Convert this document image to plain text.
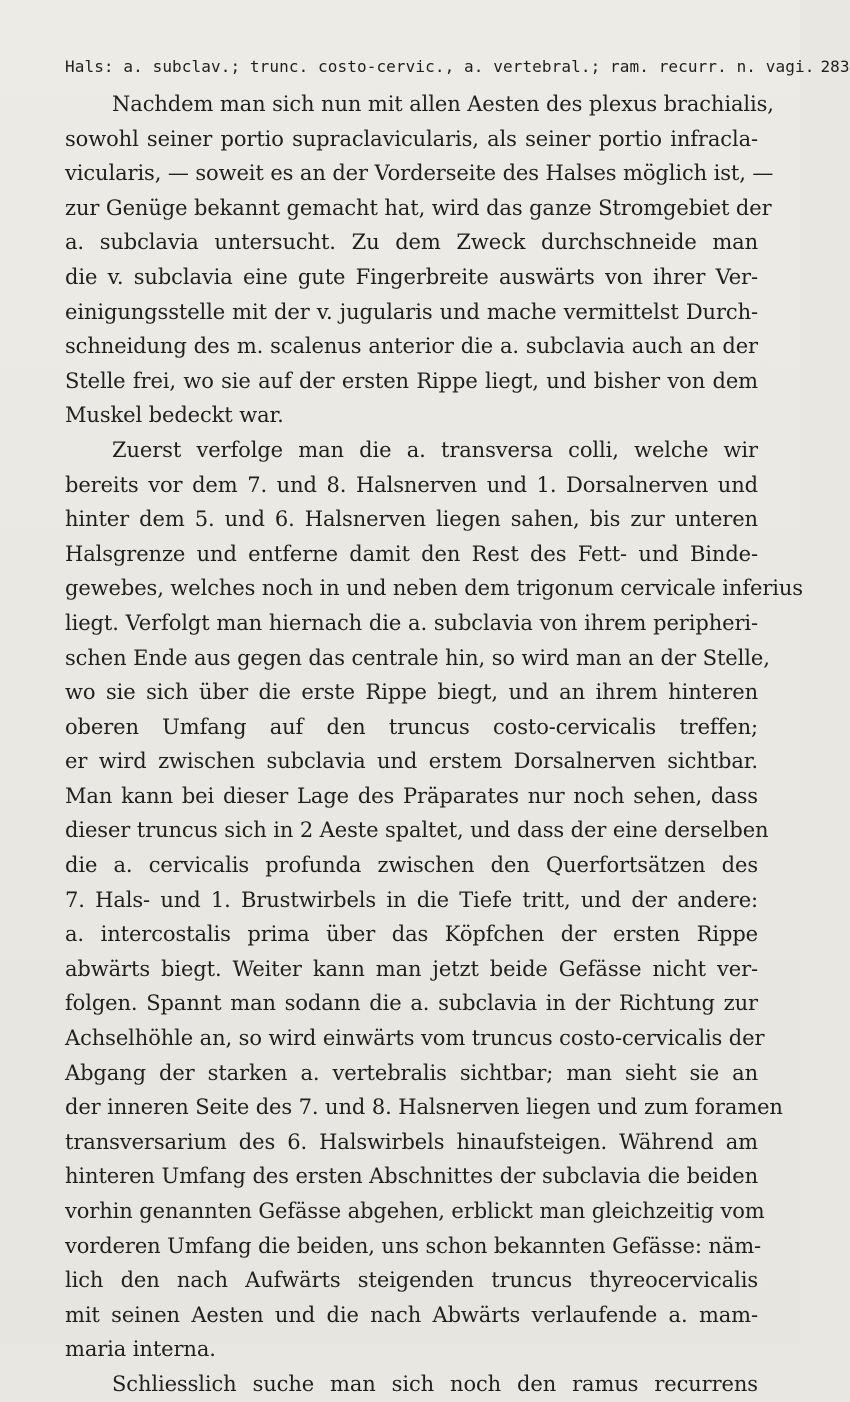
Hals: a. subclav.; trunc. costo-cervic., a. vertebral.; ram. recurr. n. vagi. 283
Nachdem man sich nun mit allen Aesten des plexus brachialis,
sowohl seiner portio supraclavicularis, als seiner portio infracla-
vicularis, — soweit es an der Vorderseite des Halses möglich ist, —
zur Genüge bekannt gemacht hat, wird das ganze Stromgebiet der
a. subclavia untersucht. Zu dem Zweck durchschneide man
die v. subclavia eine gute Fingerbreite auswärts von ihrer Ver-
einigungsstelle mit der v. jugularis und mache vermittelst Durch-
schneidung des m. scalenus anterior die a. subclavia auch an der
Stelle frei, wo sie auf der ersten Rippe liegt, und bisher von dem
Muskel bedeckt war.
Zuerst verfolge man die a. transversa colli, welche wir
bereits vor dem 7. und 8. Halsnerven und 1. Dorsalnerven und
hinter dem 5. und 6. Halsnerven liegen sahen, bis zur unteren
Halsgrenze und entferne damit den Rest des Fett- und Binde-
gewebes, welches noch in und neben dem trigonum cervicale inferius
liegt. Verfolgt man hiernach die a. subclavia von ihrem peripheri-
schen Ende aus gegen das centrale hin, so wird man an der Stelle,
wo sie sich über die erste Rippe biegt, und an ihrem hinteren
oberen Umfang auf den truncus costo-cervicalis treffen;
er wird zwischen subclavia und erstem Dorsalnerven sichtbar.
Man kann bei dieser Lage des Präparates nur noch sehen, dass
dieser truncus sich in 2 Aeste spaltet, und dass der eine derselben
die a. cervicalis profunda zwischen den Querfortsätzen des
7. Hals- und 1. Brustwirbels in die Tiefe tritt, und der andere:
a. intercostalis prima über das Köpfchen der ersten Rippe
abwärts biegt. Weiter kann man jetzt beide Gefässe nicht ver-
folgen. Spannt man sodann die a. subclavia in der Richtung zur
Achselhöhle an, so wird einwärts vom truncus costo-cervicalis der
Abgang der starken a. vertebralis sichtbar; man sieht sie an
der inneren Seite des 7. und 8. Halsnerven liegen und zum foramen
transversarium des 6. Halswirbels hinaufsteigen. Während am
hinteren Umfang des ersten Abschnittes der subclavia die beiden
vorhin genannten Gefässe abgehen, erblickt man gleichzeitig vom
vorderen Umfang die beiden, uns schon bekannten Gefässe: näm-
lich den nach Aufwärts steigenden truncus thyreocervicalis
mit seinen Aesten und die nach Abwärts verlaufende a. mam-
maria interna.
Schliesslich suche man sich noch den ramus recurrens
